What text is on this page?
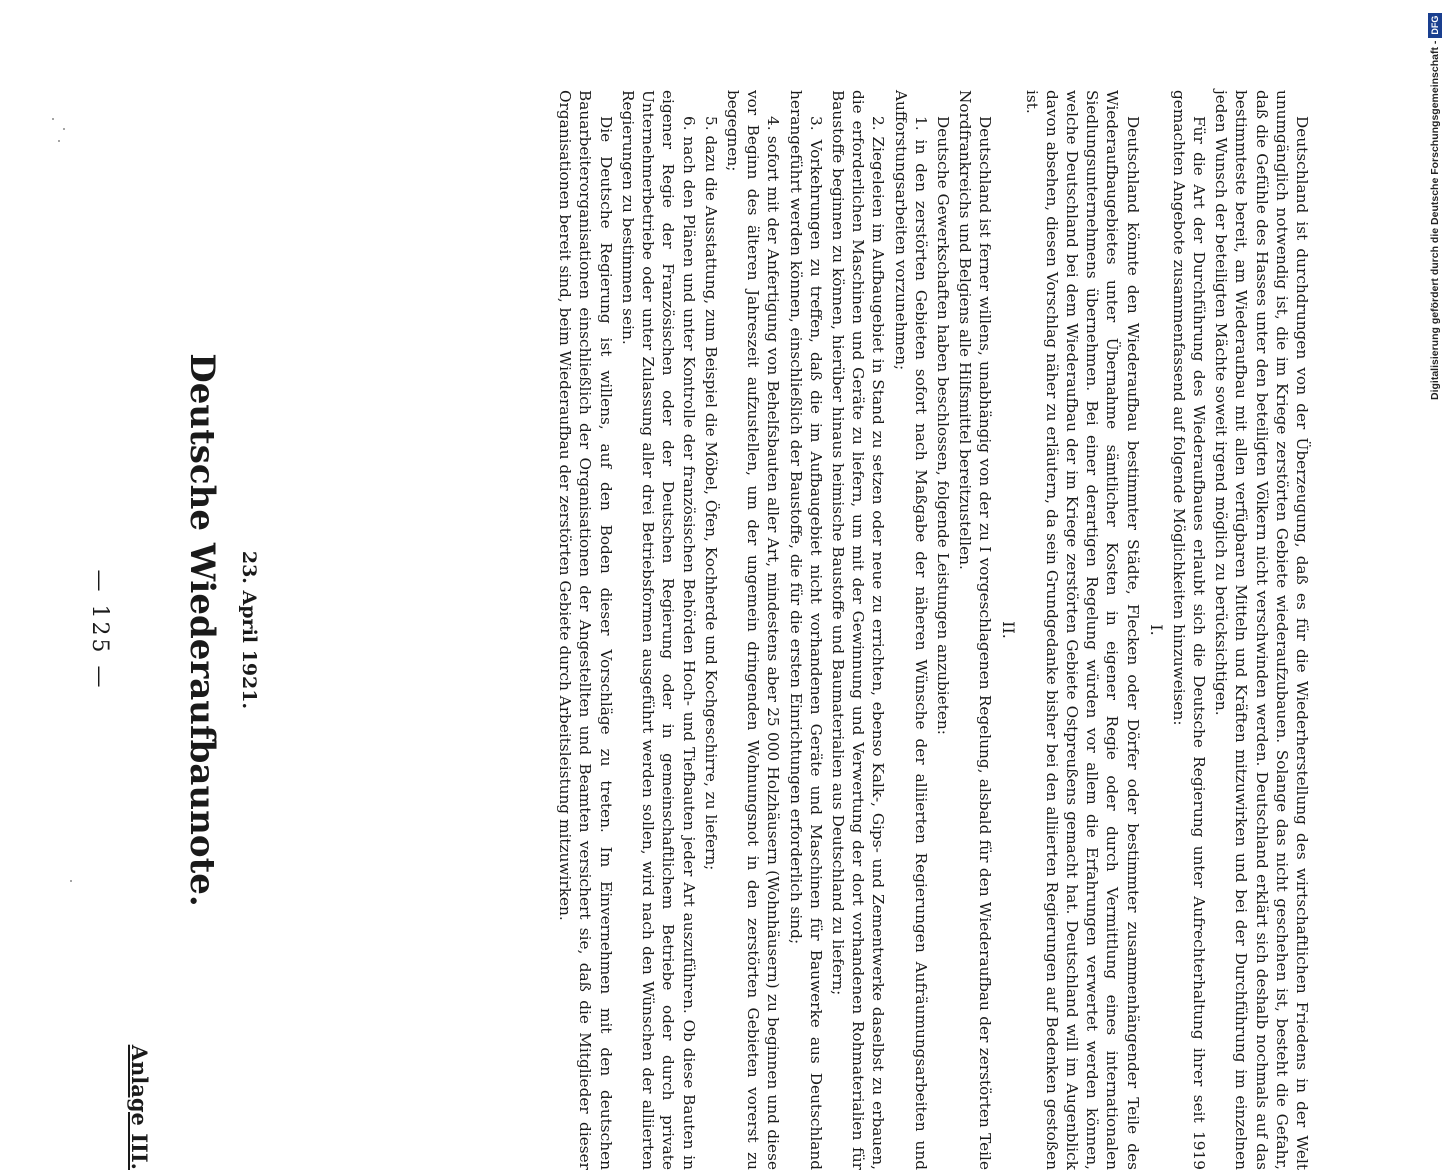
Deutsche Wiederaufbaunote. 23. April 1921.
— 125 —
Anlage III.	Deutschland ist durchdrungen von der Überzeugung, daß es für die Wiederherstellung des wirtschaftlichen Friedens in der Welt unumgänglich notwendig ist, die im Kriege zerstörten Gebiete wiederaufzubauen. Solange das nicht geschehen ist, besteht die Gefahr, daß die Gefühle des Hasses unter den beteiligten Völkern nicht verschwinden werden. Deutschland erklärt sich deshalb nochmals auf das bestimmteste bereit, am Wiederaufbau mit allen verfügbaren Mitteln und Kräften mitzuwirken und bei der Durchführung im einzelnen jeden Wunsch der beteiligten Mächte soweit irgend möglich zu berücksichtigen.

Für die Art der Durchführung des Wiederaufbaues erlaubt sich die Deutsche Regierung unter Aufrechterhaltung ihrer seit 1919 gemachten Angebote zusammenfassend auf folgende Möglichkeiten hinzuweisen:

I.

Deutschland könnte den Wiederaufbau bestimmter Städte, Flecken oder Dörfer oder bestimmter zusammenhängender Teile des Wiederaufbaugebietes unter Übernahme sämtlicher Kosten in eigener Regie oder durch Vermittlung eines internationalen Siedlungsunternehmens übernehmen. Bei einer derartigen Regelung würden vor allem die Erfahrungen verwertet werden können, welche Deutschland bei dem Wiederaufbau der im Kriege zerstörten Gebiete Ostpreußens gemacht hat. Deutschland will im Augenblick davon absehen, diesen Vorschlag näher zu erläutern, da sein Grundgedanke bisher bei den alliierten Regierungen auf Bedenken gestoßen ist.

II.

Deutschland ist ferner willens, unabhängig von der zu I vorgeschlagenen Regelung, alsbald für den Wiederaufbau der zerstörten Teile Nordfrankreichs und Belgiens alle Hilfsmittel bereitzustellen.

Deutsche Gewerkschaften haben beschlossen, folgende Leistungen anzubieten:

1. in den zerstörten Gebieten sofort nach Maßgabe der näheren Wünsche der alliierten Regierungen Aufräumungsarbeiten und Aufforstungsarbeiten vorzunehmen;

2. Ziegeleien im Aufbaugebiet in Stand zu setzen oder neue zu errichten, ebenso Kalk-, Gips- und Zementwerke daselbst zu erbauen, die erforderlichen Maschinen und Geräte zu liefern, um mit der Gewinnung und Verwertung der dort vorhandenen Rohmaterialien für Baustoffe beginnen zu können, hierüber hinaus heimische Baustoffe und Baumaterialien aus Deutschland zu liefern;

3. Vorkehrungen zu treffen, daß die im Aufbaugebiet nicht vorhandenen Geräte und Maschinen für Bauwerke aus Deutschland herangeführt werden können, einschließlich der Baustoffe, die für die ersten Einrichtungen erforderlich sind;

4. sofort mit der Anfertigung von Behelfsbauten aller Art, mindestens aber 25 000 Holzhäusern (Wohnhäusern) zu beginnen und diese vor Beginn des älteren Jahreszeit aufzustellen, um der ungemein dringenden Wohnungsnot in den zerstörten Gebieten vorerst zu begegnen;

5. dazu die Ausstattung, zum Beispiel die Möbel, Öfen, Kochherde und Kochgeschirre, zu liefern;

6. nach den Plänen und unter Kontrolle der französischen Behörden Hoch- und Tiefbauten jeder Art auszuführen. Ob diese Bauten in eigener Regie der Französischen oder der Deutschen Regierung oder in gemeinschaftlichem Betriebe oder durch private Unternehmerbetriebe oder unter Zulassung aller drei Betriebsformen ausgeführt werden sollen, wird nach den Wünschen der alliierten Regierungen zu bestimmen sein.

Die Deutsche Regierung ist willens, auf den Boden dieser Vorschläge zu treten. Im Einvernehmen mit den deutschen Bauarbeiterorganisationen einschließlich der Organisationen der Angestellten und Beamten versichert sie, daß die Mitglieder dieser Organisationen bereit sind, beim Wiederaufbau der zerstörten Gebiete durch Arbeitsleistung mitzuwirken.	Digitalisierung gefördert durch die Deutsche Forschungsgemeinschaft -
DFG
